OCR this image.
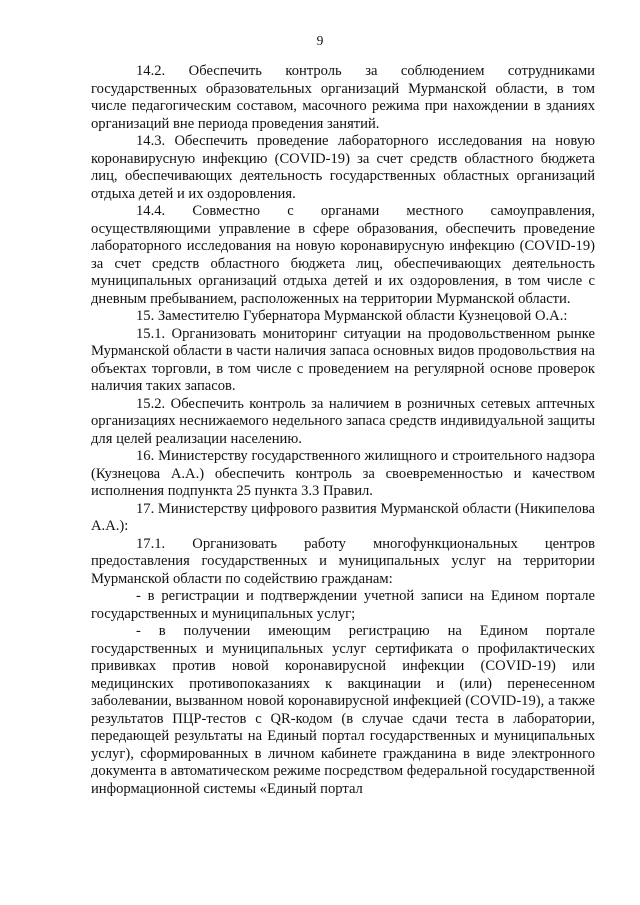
9

14.2. Обеспечить контроль за соблюдением сотрудниками государственных образовательных организаций Мурманской области, в том числе педагогическим составом, масочного режима при нахождении в зданиях организаций вне периода проведения занятий.

14.3. Обеспечить проведение лабораторного исследования на новую коронавирусную инфекцию (COVID-19) за счет средств областного бюджета лиц, обеспечивающих деятельность государственных областных организаций отдыха детей и их оздоровления.

14.4. Совместно с органами местного самоуправления, осуществляющими управление в сфере образования, обеспечить проведение лабораторного исследования на новую коронавирусную инфекцию (COVID-19) за счет средств областного бюджета лиц, обеспечивающих деятельность муниципальных организаций отдыха детей и их оздоровления, в том числе с дневным пребыванием, расположенных на территории Мурманской области.

15. Заместителю Губернатора Мурманской области Кузнецовой О.А.:

15.1. Организовать мониторинг ситуации на продовольственном рынке Мурманской области в части наличия запаса основных видов продовольствия на объектах торговли, в том числе с проведением на регулярной основе проверок наличия таких запасов.

15.2. Обеспечить контроль за наличием в розничных сетевых аптечных организациях неснижаемого недельного запаса средств индивидуальной защиты для целей реализации населению.

16. Министерству государственного жилищного и строительного надзора (Кузнецова А.А.) обеспечить контроль за своевременностью и качеством исполнения подпункта 25 пункта 3.3 Правил.

17. Министерству цифрового развития Мурманской области (Никипелова А.А.):

17.1. Организовать работу многофункциональных центров предоставления государственных и муниципальных услуг на территории Мурманской области по содействию гражданам:

- в регистрации и подтверждении учетной записи на Едином портале государственных и муниципальных услуг;

- в получении имеющим регистрацию на Едином портале государственных и муниципальных услуг сертификата о профилактических прививках против новой коронавирусной инфекции (COVID-19) или медицинских противопоказаниях к вакцинации и (или) перенесенном заболевании, вызванном новой коронавирусной инфекцией (COVID-19), а также результатов ПЦР-тестов с QR-кодом (в случае сдачи теста в лаборатории, передающей результаты на Единый портал государственных и муниципальных услуг), сформированных в личном кабинете гражданина в виде электронного документа в автоматическом режиме посредством федеральной государственной информационной системы «Единый портал
